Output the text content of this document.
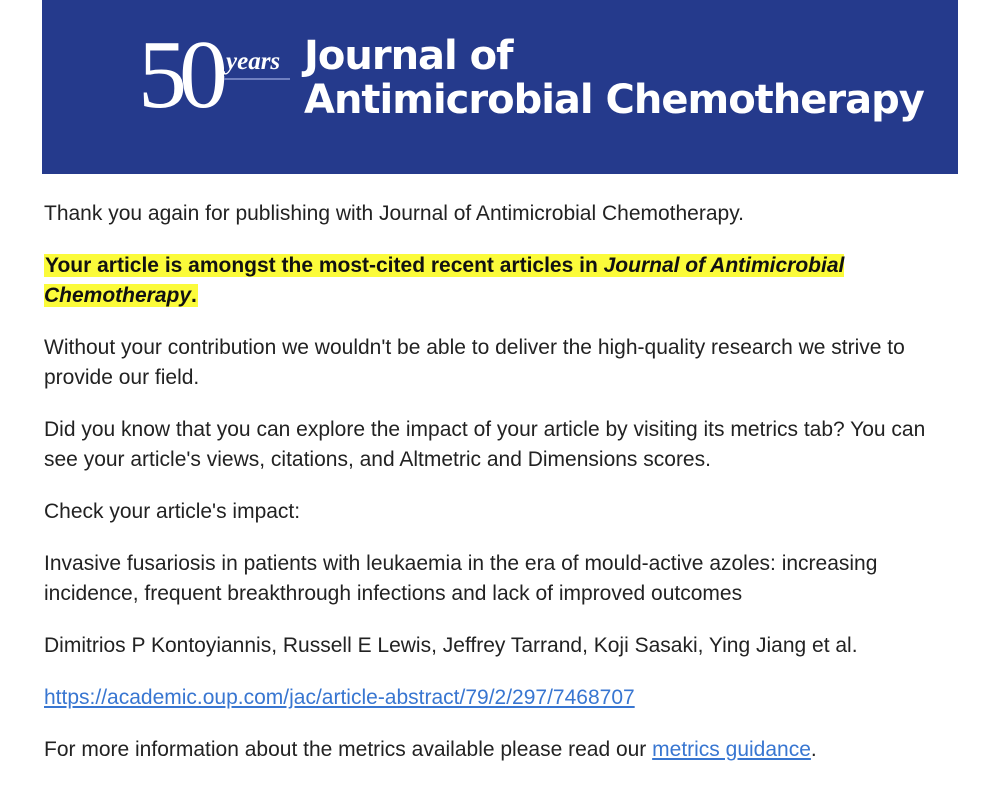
50 years Journal of
Antimicrobial Chemotherapy

Thank you again for publishing with Journal of Antimicrobial Chemotherapy.

Your article is amongst the most-cited recent articles in Journal of Antimicrobial Chemotherapy.

Without your contribution we wouldn't be able to deliver the high-quality research we strive to provide our field.

Did you know that you can explore the impact of your article by visiting its metrics tab? You can see your article's views, citations, and Altmetric and Dimensions scores.

Check your article's impact:

Invasive fusariosis in patients with leukaemia in the era of mould-active azoles: increasing incidence, frequent breakthrough infections and lack of improved outcomes

Dimitrios P Kontoyiannis, Russell E Lewis, Jeffrey Tarrand, Koji Sasaki, Ying Jiang et al.

https://academic.oup.com/jac/article-abstract/79/2/297/7468707

For more information about the metrics available please read our metrics guidance.
